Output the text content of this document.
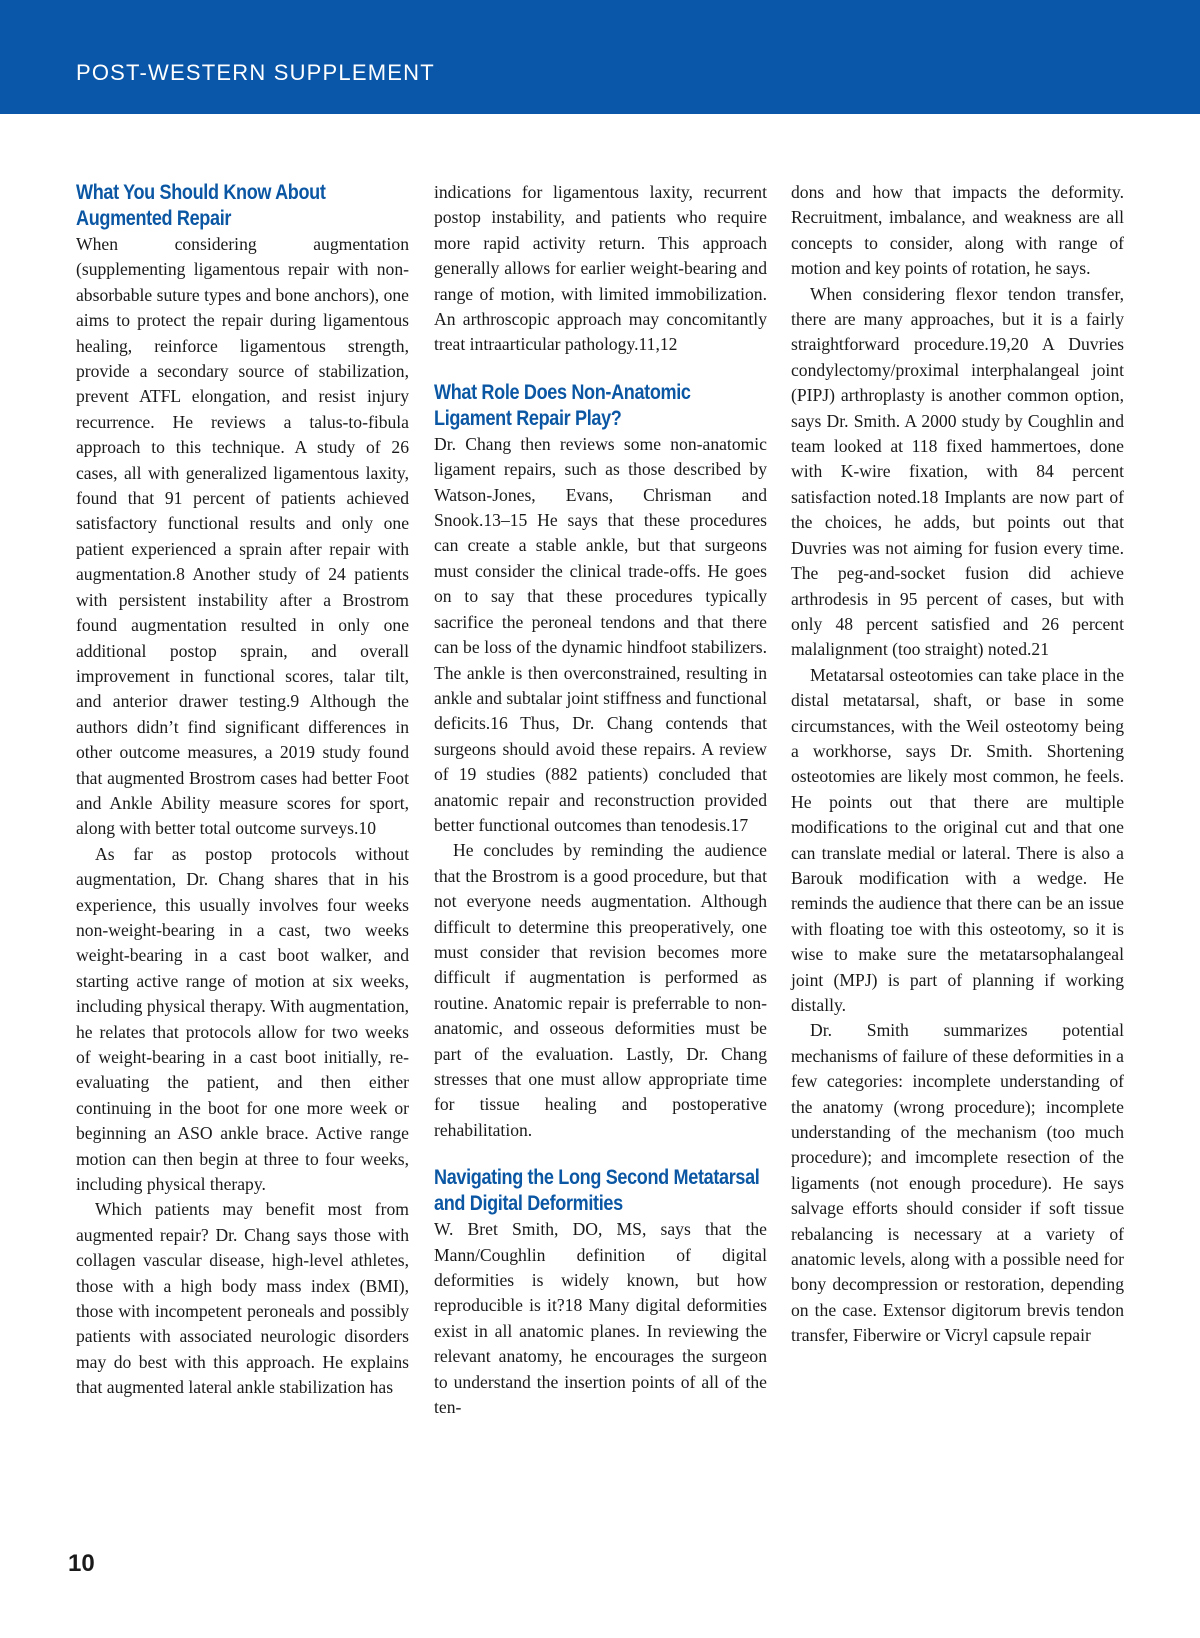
POST-WESTERN SUPPLEMENT
What You Should Know About Augmented Repair

When considering augmentation (supplementing ligamentous repair with non-absorbable suture types and bone anchors), one aims to protect the repair during ligamentous healing, reinforce ligamentous strength, provide a secondary source of stabilization, prevent ATFL elongation, and resist injury recurrence. He reviews a talus-to-fibula approach to this technique. A study of 26 cases, all with generalized ligamentous laxity, found that 91 percent of patients achieved satisfactory functional results and only one patient experienced a sprain after repair with augmentation.8 Another study of 24 patients with persistent instability after a Brostrom found augmentation resulted in only one additional postop sprain, and overall improvement in functional scores, talar tilt, and anterior drawer testing.9 Although the authors didn’t find significant differences in other outcome measures, a 2019 study found that augmented Brostrom cases had better Foot and Ankle Ability measure scores for sport, along with better total outcome surveys.10

As far as postop protocols without augmentation, Dr. Chang shares that in his experience, this usually involves four weeks non-weight-bearing in a cast, two weeks weight-bearing in a cast boot walker, and starting active range of motion at six weeks, including physical therapy. With augmentation, he relates that protocols allow for two weeks of weight-bearing in a cast boot initially, re-evaluating the patient, and then either continuing in the boot for one more week or beginning an ASO ankle brace. Active range motion can then begin at three to four weeks, including physical therapy.

Which patients may benefit most from augmented repair? Dr. Chang says those with collagen vascular disease, high-level athletes, those with a high body mass index (BMI), those with incompetent peroneals and possibly patients with associated neurologic disorders may do best with this approach. He explains that augmented lateral ankle stabilization has

indications for ligamentous laxity, recurrent postop instability, and patients who require more rapid activity return. This approach generally allows for earlier weight-bearing and range of motion, with limited immobilization. An arthroscopic approach may concomitantly treat intraarticular pathology.11,12

What Role Does Non-Anatomic Ligament Repair Play?

Dr. Chang then reviews some non-anatomic ligament repairs, such as those described by Watson-Jones, Evans, Chrisman and Snook.13–15 He says that these procedures can create a stable ankle, but that surgeons must consider the clinical trade-offs. He goes on to say that these procedures typically sacrifice the peroneal tendons and that there can be loss of the dynamic hindfoot stabilizers. The ankle is then overconstrained, resulting in ankle and subtalar joint stiffness and functional deficits.16 Thus, Dr. Chang contends that surgeons should avoid these repairs. A review of 19 studies (882 patients) concluded that anatomic repair and reconstruction provided better functional outcomes than tenodesis.17

He concludes by reminding the audience that the Brostrom is a good procedure, but that not everyone needs augmentation. Although difficult to determine this preoperatively, one must consider that revision becomes more difficult if augmentation is performed as routine. Anatomic repair is preferrable to non-anatomic, and osseous deformities must be part of the evaluation. Lastly, Dr. Chang stresses that one must allow appropriate time for tissue healing and postoperative rehabilitation.

Navigating the Long Second Metatarsal and Digital Deformities

W. Bret Smith, DO, MS, says that the Mann/Coughlin definition of digital deformities is widely known, but how reproducible is it?18 Many digital deformities exist in all anatomic planes. In reviewing the relevant anatomy, he encourages the surgeon to understand the insertion points of all of the ten-

dons and how that impacts the deformity. Recruitment, imbalance, and weakness are all concepts to consider, along with range of motion and key points of rotation, he says.

When considering flexor tendon transfer, there are many approaches, but it is a fairly straightforward procedure.19,20 A Duvries condylectomy/proximal interphalangeal joint (PIPJ) arthroplasty is another common option, says Dr. Smith. A 2000 study by Coughlin and team looked at 118 fixed hammertoes, done with K-wire fixation, with 84 percent satisfaction noted.18 Implants are now part of the choices, he adds, but points out that Duvries was not aiming for fusion every time. The peg-and-socket fusion did achieve arthrodesis in 95 percent of cases, but with only 48 percent satisfied and 26 percent malalignment (too straight) noted.21

Metatarsal osteotomies can take place in the distal metatarsal, shaft, or base in some circumstances, with the Weil osteotomy being a workhorse, says Dr. Smith. Shortening osteotomies are likely most common, he feels. He points out that there are multiple modifications to the original cut and that one can translate medial or lateral. There is also a Barouk modification with a wedge. He reminds the audience that there can be an issue with floating toe with this osteotomy, so it is wise to make sure the metatarsophalangeal joint (MPJ) is part of planning if working distally.

Dr. Smith summarizes potential mechanisms of failure of these deformities in a few categories: incomplete understanding of the anatomy (wrong procedure); incomplete understanding of the mechanism (too much procedure); and imcomplete resection of the ligaments (not enough procedure). He says salvage efforts should consider if soft tissue rebalancing is necessary at a variety of anatomic levels, along with a possible need for bony decompression or restoration, depending on the case. Extensor digitorum brevis tendon transfer, Fiberwire or Vicryl capsule repair

10
